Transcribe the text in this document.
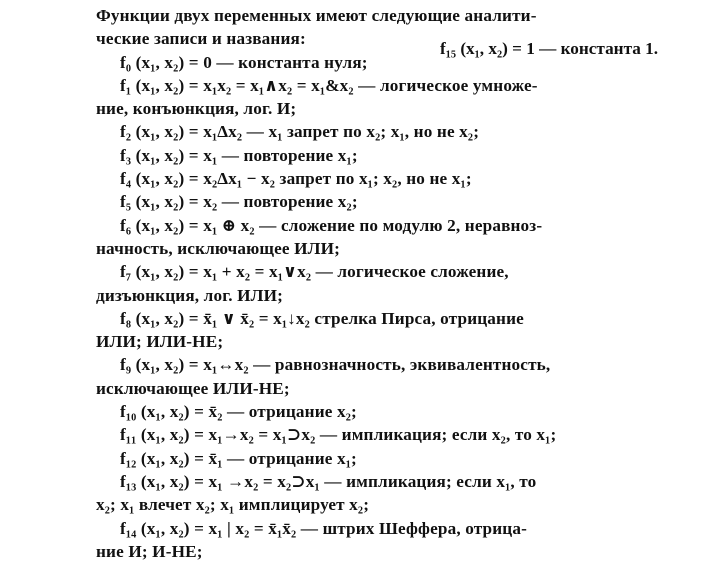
Функции двух переменных имеют следующие аналити-
ческие записи и названия:
f₀ (x₁, x₂) = 0 — константа нуля;
f₁ (x₁, x₂) = x₁x₂ = x₁∧x₂ = x₁&x₂ — логическое умноже-
ние, конъюнкция, лог. И;
f₂ (x₁, x₂) = x₁Δx₂ — x₁ запрет по x₂; x₁, но не x₂;
f₃ (x₁, x₂) = x₁ — повторение x₁;
f₄ (x₁, x₂) = x₂Δx₁ − x₂ запрет по x₁; x₂, но не x₁;
f₅ (x₁, x₂) = x₂ — повторение x₂;
f₆ (x₁, x₂) = x₁ ⊕ x₂ — сложение по модулю 2, неравноз-
начность, исключающее ИЛИ;
f₇ (x₁, x₂) = x₁ + x₂ = x₁∨x₂ — логическое сложение,
дизъюнкция, лог. ИЛИ;
f₈ (x₁, x₂) = x̄₁ ∨ x̄₂ = x₁↓x₂ стрелка Пирса, отрицание
ИЛИ; ИЛИ-НЕ;
f₉ (x₁, x₂) = x₁↔x₂ — равнозначность, эквивалентность,
исключающее ИЛИ-НЕ;
f₁₀ (x₁, x₂) = x̄₂ — отрицание x₂;
f₁₁ (x₁, x₂) = x₁→x₂ = x₁⊃x₂ — импликация; если x₂, то x₁;
f₁₂ (x₁, x₂) = x̄₁ — отрицание x₁;
f₁₃ (x₁, x₂) = x₁ →x₂ = x₂⊃x₁ — импликация; если x₁, то
x₂; x₁ влечет x₂; x₁ имплицирует x₂;
f₁₄ (x₁, x₂) = x₁ | x₂ = x̄₁x̄₂ — штрих Шеффера, отрица-
ние И; И-НЕ;
f₁₅ (x₁, x₂) = 1 — константа 1.
